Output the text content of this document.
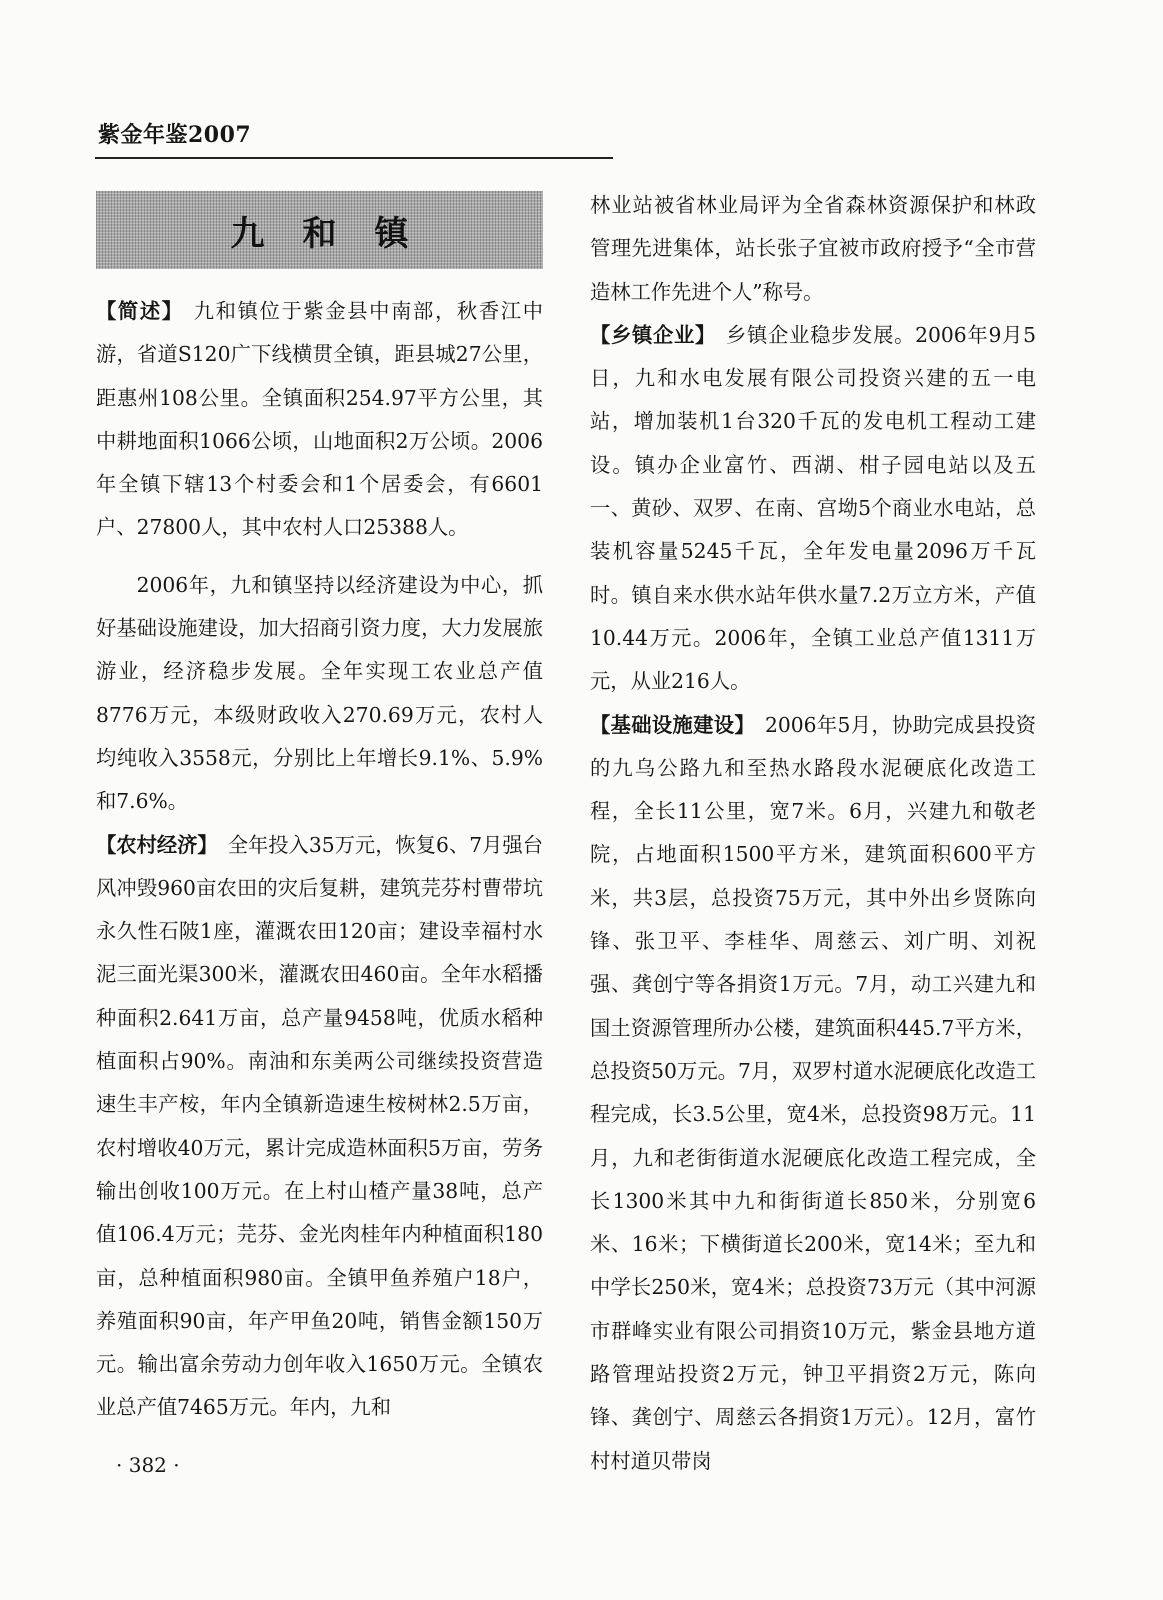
紫金年鉴2007
九和镇

【简述】 九和镇位于紫金县中南部，秋香江中游，省道S120广下线横贯全镇，距县城27公里，距惠州108公里。全镇面积254.97平方公里，其中耕地面积1066公顷，山地面积2万公顷。2006年全镇下辖13个村委会和1个居委会，有6601户、27800人，其中农村人口25388人。

2006年，九和镇坚持以经济建设为中心，抓好基础设施建设，加大招商引资力度，大力发展旅游业，经济稳步发展。全年实现工农业总产值8776万元，本级财政收入270.69万元，农村人均纯收入3558元，分别比上年增长9.1%、5.9%和7.6%。

【农村经济】 全年投入35万元，恢复6、7月强台风冲毁960亩农田的灾后复耕，建筑芫芬村曹带坑永久性石陂1座，灌溉农田120亩；建设幸福村水泥三面光渠300米，灌溉农田460亩。全年水稻播种面积2.641万亩，总产量9458吨，优质水稻种植面积占90%。南油和东美两公司继续投资营造速生丰产桉，年内全镇新造速生桉树林2.5万亩，农村增收40万元，累计完成造林面积5万亩，劳务输出创收100万元。在上村山楂产量38吨，总产值106.4万元；芫芬、金光肉桂年内种植面积180亩，总种植面积980亩。全镇甲鱼养殖户18户，养殖面积90亩，年产甲鱼20吨，销售金额150万元。输出富余劳动力创年收入1650万元。全镇农业总产值7465万元。年内，九和

林业站被省林业局评为全省森林资源保护和林政管理先进集体，站长张子宜被市政府授予“全市营造林工作先进个人”称号。

【乡镇企业】 乡镇企业稳步发展。2006年9月5日，九和水电发展有限公司投资兴建的五一电站，增加装机1台320千瓦的发电机工程动工建设。镇办企业富竹、西湖、柑子园电站以及五一、黄砂、双罗、在南、宫坳5个商业水电站，总装机容量5245千瓦，全年发电量2096万千瓦时。镇自来水供水站年供水量7.2万立方米，产值10.44万元。2006年，全镇工业总产值1311万元，从业216人。

【基础设施建设】 2006年5月，协助完成县投资的九乌公路九和至热水路段水泥硬底化改造工程，全长11公里，宽7米。6月，兴建九和敬老院，占地面积1500平方米，建筑面积600平方米，共3层，总投资75万元，其中外出乡贤陈向锋、张卫平、李桂华、周慈云、刘广明、刘祝强、龚创宁等各捐资1万元。7月，动工兴建九和国土资源管理所办公楼，建筑面积445.7平方米，总投资50万元。7月，双罗村道水泥硬底化改造工程完成，长3.5公里，宽4米，总投资98万元。11月，九和老街街道水泥硬底化改造工程完成，全长1300米其中九和街街道长850米，分别宽6米、16米；下横街道长200米，宽14米；至九和中学长250米，宽4米；总投资73万元（其中河源市群峰实业有限公司捐资10万元，紫金县地方道路管理站投资2万元，钟卫平捐资2万元，陈向锋、龚创宁、周慈云各捐资1万元）。12月，富竹村村道贝带岗

· 382 ·
